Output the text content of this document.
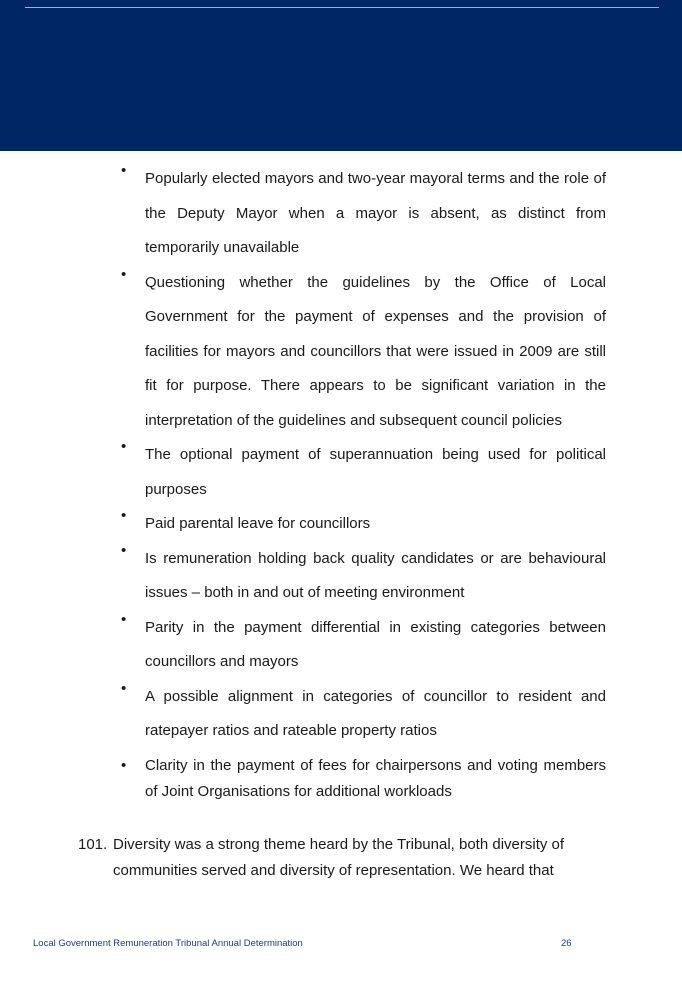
• Popularly elected mayors and two-year mayoral terms and the role of the Deputy Mayor when a mayor is absent, as distinct from temporarily unavailable
• Questioning whether the guidelines by the Office of Local Government for the payment of expenses and the provision of facilities for mayors and councillors that were issued in 2009 are still fit for purpose. There appears to be significant variation in the interpretation of the guidelines and subsequent council policies
• The optional payment of superannuation being used for political purposes
• Paid parental leave for councillors
• Is remuneration holding back quality candidates or are behavioural issues – both in and out of meeting environment
• Parity in the payment differential in existing categories between councillors and mayors
• A possible alignment in categories of councillor to resident and ratepayer ratios and rateable property ratios
• Clarity in the payment of fees for chairpersons and voting members of Joint Organisations for additional workloads
101. Diversity was a strong theme heard by the Tribunal, both diversity of communities served and diversity of representation. We heard that
Local Government Remuneration Tribunal Annual Determination	26
